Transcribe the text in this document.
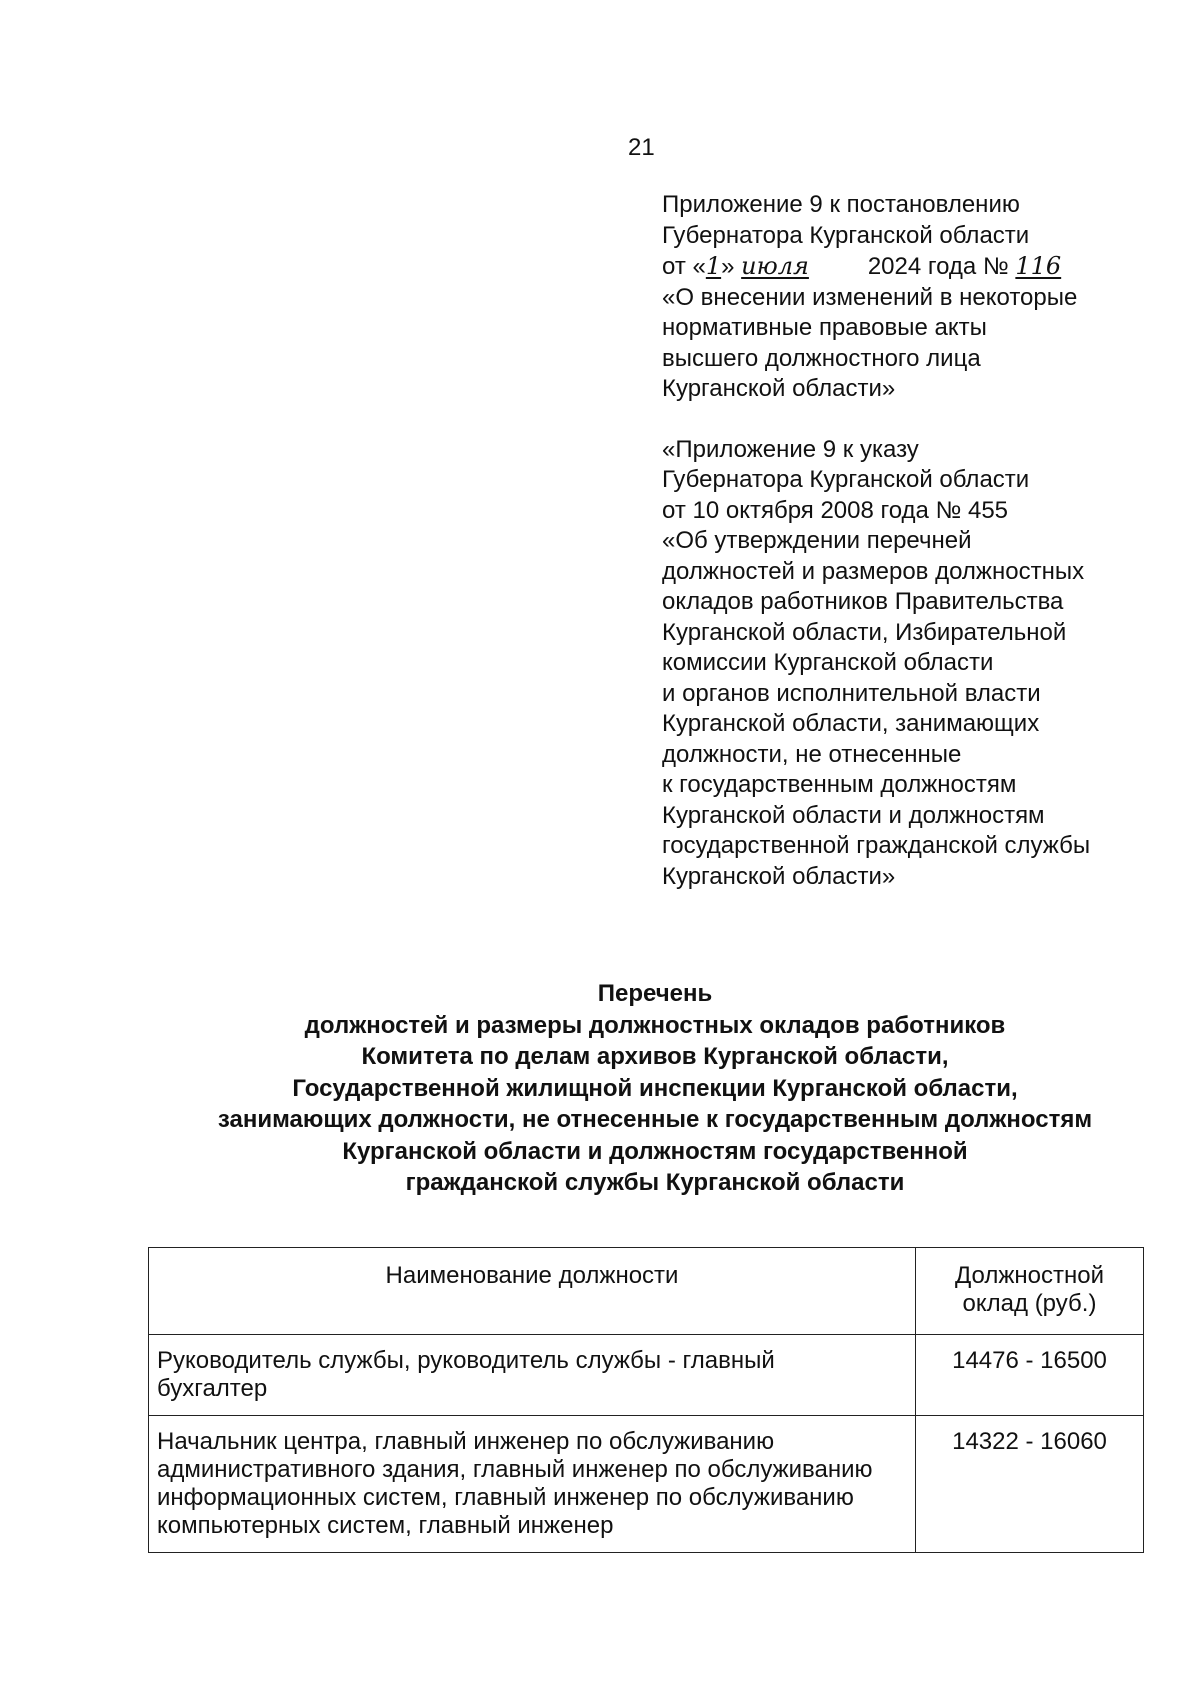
21
Приложение 9 к постановлению
Губернатора Курганской области
от «1» июля 2024 года № 116
«О внесении изменений в некоторые
нормативные правовые акты
высшего должностного лица
Курганской области»
«Приложение 9 к указу
Губернатора Курганской области
от 10 октября 2008 года № 455
«Об утверждении перечней
должностей и размеров должностных
окладов работников Правительства
Курганской области, Избирательной
комиссии Курганской области
и органов исполнительной власти
Курганской области, занимающих
должности, не отнесенные
к государственным должностям
Курганской области и должностям
государственной гражданской службы
Курганской области»
Перечень
должностей и размеры должностных окладов работников
Комитета по делам архивов Курганской области,
Государственной жилищной инспекции Курганской области,
занимающих должности, не отнесенные к государственным должностям
Курганской области и должностям государственной
гражданской службы Курганской области
Наименование должности	Должностной оклад (руб.)
Руководитель службы, руководитель службы - главный бухгалтер	14476 - 16500
Начальник центра, главный инженер по обслуживанию административного здания, главный инженер по обслуживанию информационных систем, главный инженер по обслуживанию компьютерных систем, главный инженер	14322 - 16060
